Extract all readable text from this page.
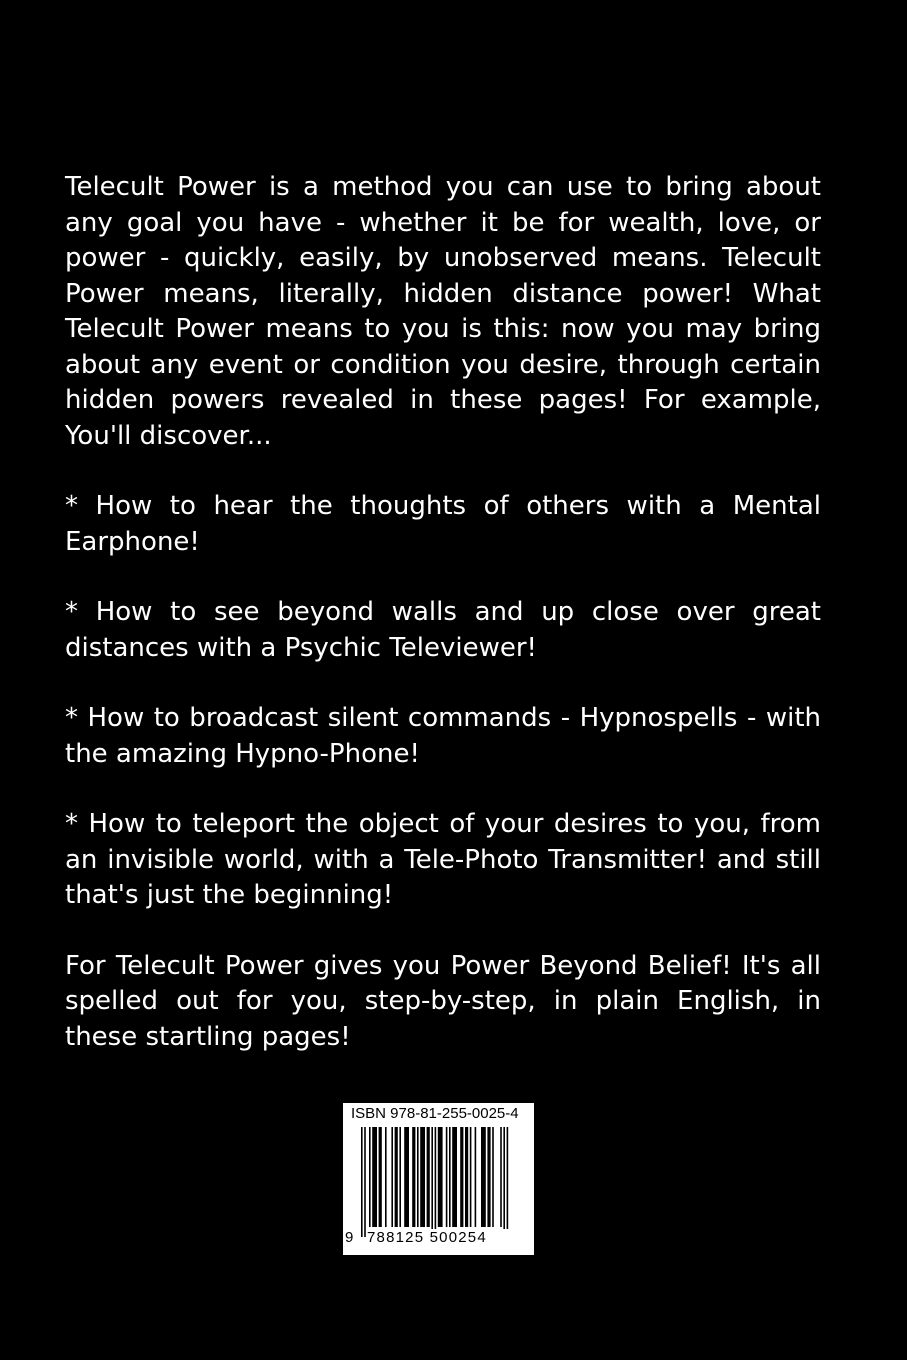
Telecult Power is a method you can use to bring about any goal you have - whether it be for wealth, love, or power - quickly, easily, by unobserved means. Telecult Power means, literally, hidden distance power! What Telecult Power means to you is this: now you may bring about any event or condition you desire, through certain hidden powers revealed in these pages! For example, You'll discover...

* How to hear the thoughts of others with a Mental Earphone!

* How to see beyond walls and up close over great distances with a Psychic Televiewer!

* How to broadcast silent commands - Hypnospells - with the amazing Hypno-Phone!

* How to teleport the object of your desires to you, from an invisible world, with a Tele-Photo Transmitter! and still that's just the beginning!

For Telecult Power gives you Power Beyond Belief! It's all spelled out for you, step-by-step, in plain English, in these startling pages!

ISBN 978-81-255-0025-4
9 788125 500254
